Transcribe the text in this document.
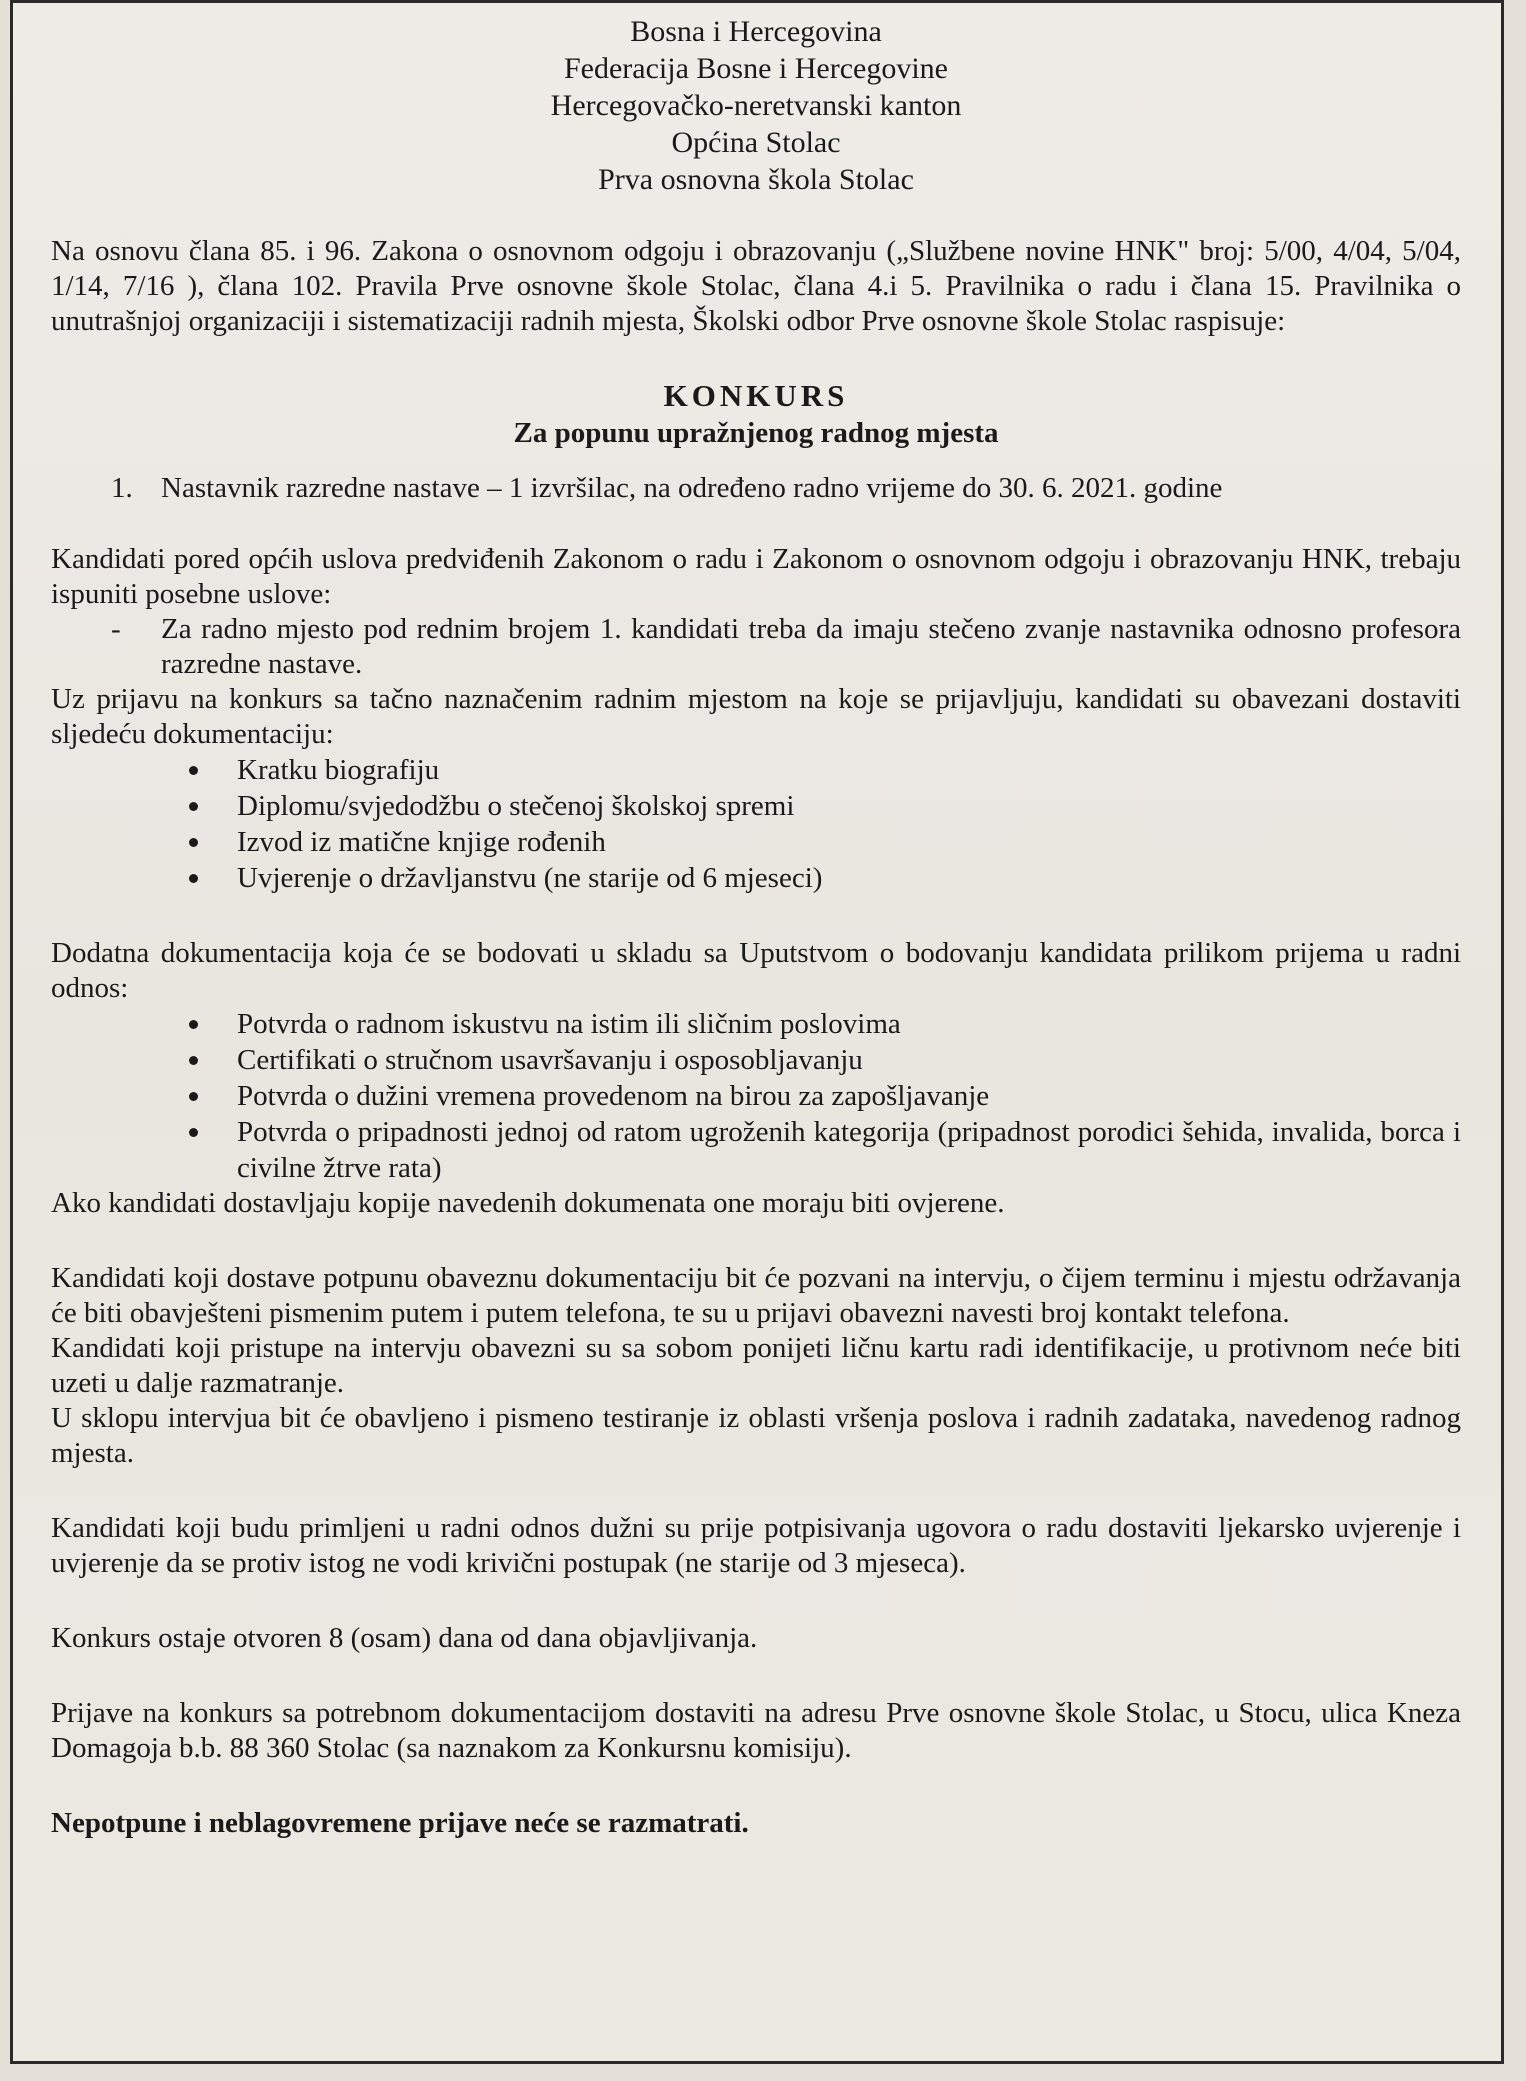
Bosna i Hercegovina
Federacija Bosne i Hercegovine
Hercegovačko-neretvanski kanton
Općina Stolac
Prva osnovna škola Stolac

Na osnovu člana 85. i 96. Zakona o osnovnom odgoju i obrazovanju („Službene novine HNK" broj: 5/00, 4/04, 5/04, 1/14, 7/16 ), člana 102. Pravila Prve osnovne škole Stolac, člana 4.i 5. Pravilnika o radu i člana 15. Pravilnika o unutrašnjoj organizaciji i sistematizaciji radnih mjesta, Školski odbor Prve osnovne škole Stolac raspisuje:

KONKURS
Za popunu upražnjenog radnog mjesta
1. Nastavnik razredne nastave – 1 izvršilac, na određeno radno vrijeme do 30. 6. 2021. godine

Kandidati pored općih uslova predviđenih Zakonom o radu i Zakonom o osnovnom odgoju i obrazovanju HNK, trebaju ispuniti posebne uslove:

-	Za radno mjesto pod rednim brojem 1. kandidati treba da imaju stečeno zvanje nastavnika odnosno profesora razredne nastave.

Uz prijavu na konkurs sa tačno naznačenim radnim mjestom na koje se prijavljuju, kandidati su obavezani dostaviti sljedeću dokumentaciju:

Kratku biografiju
Diplomu/svjedodžbu o stečenoj školskoj spremi
Izvod iz matične knjige rođenih
Uvjerenje o državljanstvu (ne starije od 6 mjeseci)

Dodatna dokumentacija koja će se bodovati u skladu sa Uputstvom o bodovanju kandidata prilikom prijema u radni odnos:

Potvrda o radnom iskustvu na istim ili sličnim poslovima
Certifikati o stručnom usavršavanju i osposobljavanju
Potvrda o dužini vremena provedenom na birou za zapošljavanje
Potvrda o pripadnosti jednoj od ratom ugroženih kategorija (pripadnost porodici šehida, invalida, borca i civilne žtrve rata)

Ako kandidati dostavljaju kopije navedenih dokumenata one moraju biti ovjerene.

Kandidati koji dostave potpunu obaveznu dokumentaciju bit će pozvani na intervju, o čijem terminu i mjestu održavanja će biti obavješteni pismenim putem i putem telefona, te su u prijavi obavezni navesti broj kontakt telefona.

Kandidati koji pristupe na intervju obavezni su sa sobom ponijeti ličnu kartu radi identifikacije, u protivnom neće biti uzeti u dalje razmatranje.

U sklopu intervjua bit će obavljeno i pismeno testiranje iz oblasti vršenja poslova i radnih zadataka, navedenog radnog mjesta.

Kandidati koji budu primljeni u radni odnos dužni su prije potpisivanja ugovora o radu dostaviti ljekarsko uvjerenje i uvjerenje da se protiv istog ne vodi krivični postupak (ne starije od 3 mjeseca).

Konkurs ostaje otvoren 8 (osam) dana od dana objavljivanja.

Prijave na konkurs sa potrebnom dokumentacijom dostaviti na adresu Prve osnovne škole Stolac, u Stocu, ulica Kneza Domagoja b.b. 88 360 Stolac (sa naznakom za Konkursnu komisiju).

Nepotpune i neblagovremene prijave neće se razmatrati.
